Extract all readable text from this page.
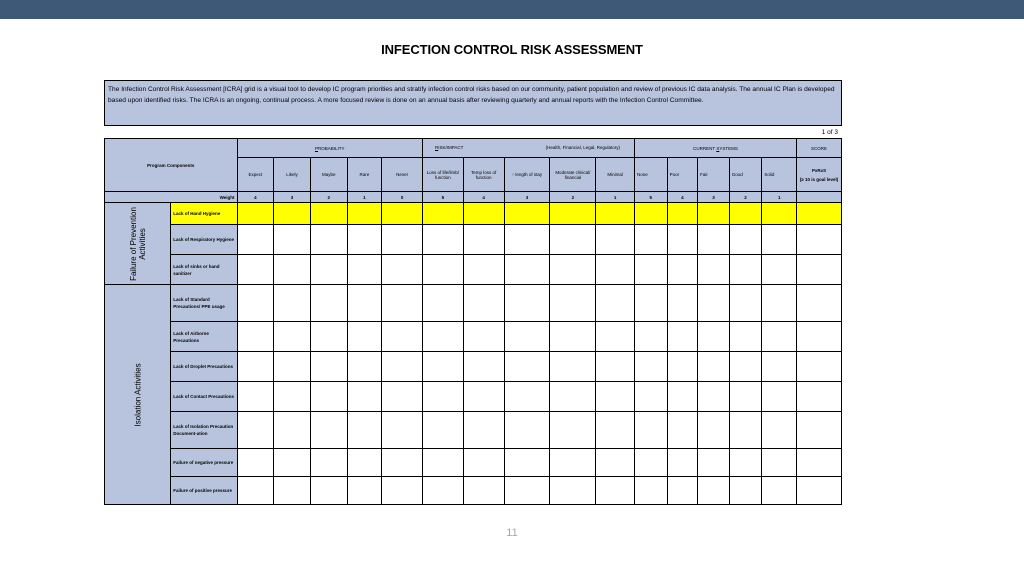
INFECTION CONTROL RISK ASSESSMENT
The Infection Control Risk Assessment [ICRA] grid is a visual tool to develop IC program priorities and stratify infection control risks based on our community, patient population and review of previous IC data analysis. The annual IC Plan is developed based upon identified risks. The ICRA is an ongoing, continual process. A more focused review is done on an annual basis after reviewing quarterly and annual reports with the Infection Control Committee.
1 of 3
Program Components		PROBABILITY					RISK/IMPACT (Health, Financial, Legal, Regulatory)					CURRENT SYSTEMS					SCORE
		Expect	Likely	Maybe	Rare	Never	Loss of life/limb/ function	Temp loss of function	↑ length of stay	Moderate clinical/ financial	Minimal	None	Poor	Fair	Good	Solid	PxRxS
(≥ 10 is goal level)

Weight		4	3	2	1	0	5	4	3	2	1	5	4	3	2	1	

Failure of Prevention Activities	Lack of Hand Hygiene																
	Lack of Respiratory Hygiene																
	Lack of sinks or hand sanitizer																

Isolation Activities	Lack of Standard Precautions/ PPE usage																
	Lack of Airborne Precautions																
	Lack of Droplet Precautions																
	Lack of Contact Precautions																
	Lack of Isolation Precaution Document-ation																
	Failure of negative pressure																
	Failure of positive pressure																
11
